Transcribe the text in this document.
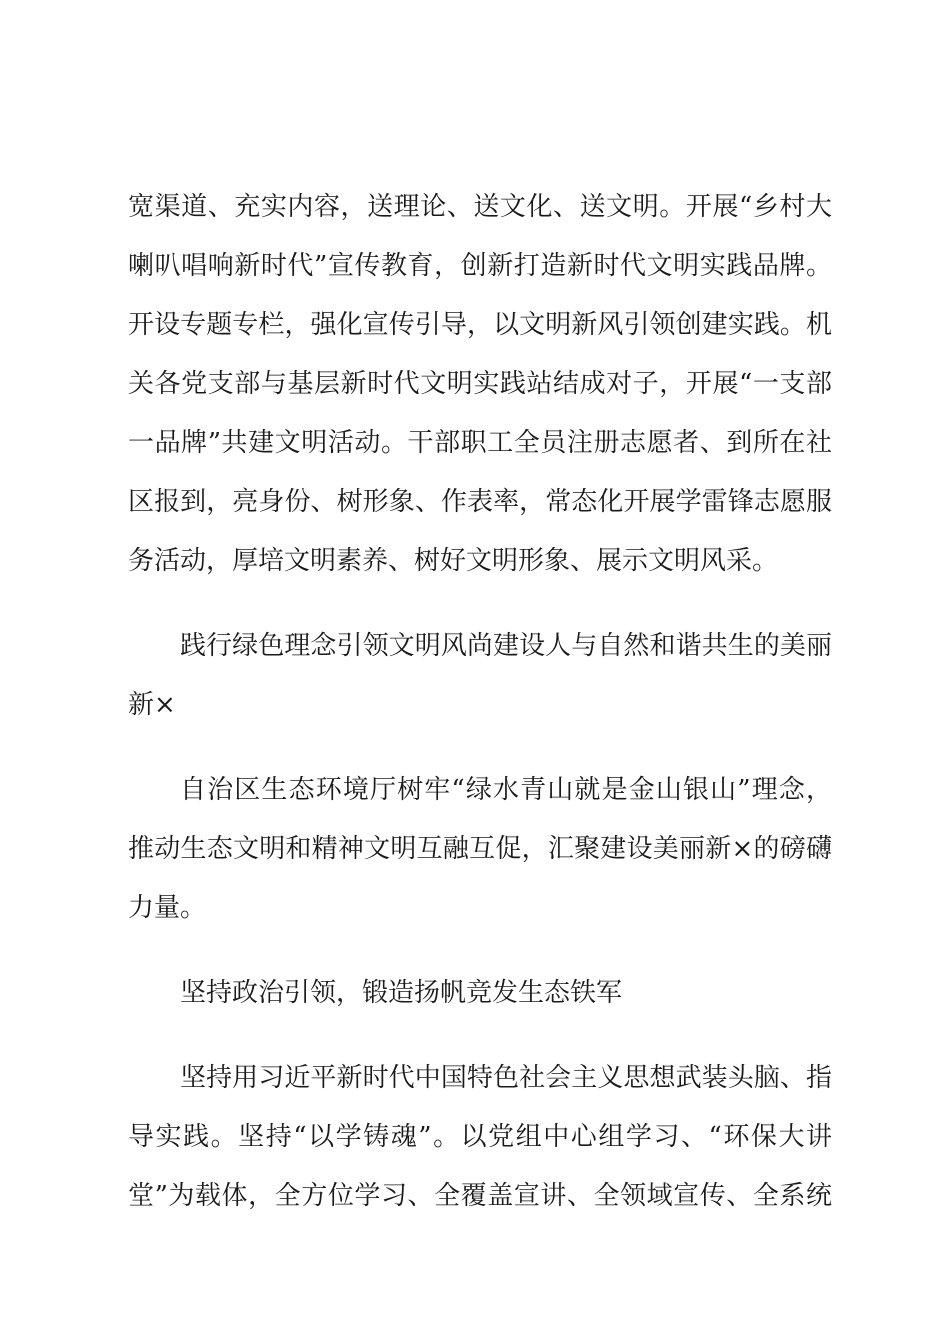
宽渠道、充实内容，送理论、送文化、送文明。开展“乡村大
喇叭唱响新时代”宣传教育，创新打造新时代文明实践品牌。
开设专题专栏，强化宣传引导，以文明新风引领创建实践。机
关各党支部与基层新时代文明实践站结成对子，开展“一支部
一品牌”共建文明活动。干部职工全员注册志愿者、到所在社
区报到，亮身份、树形象、作表率，常态化开展学雷锋志愿服
务活动，厚培文明素养、树好文明形象、展示文明风采。
践行绿色理念引领文明风尚建设人与自然和谐共生的美丽
新×
自治区生态环境厅树牢“绿水青山就是金山银山”理念，
推动生态文明和精神文明互融互促，汇聚建设美丽新×的磅礴
力量。
坚持政治引领，锻造扬帆竞发生态铁军
坚持用习近平新时代中国特色社会主义思想武装头脑、指
导实践。坚持“以学铸魂”。以党组中心组学习、“环保大讲
堂”为载体，全方位学习、全覆盖宣讲、全领域宣传、全系统
